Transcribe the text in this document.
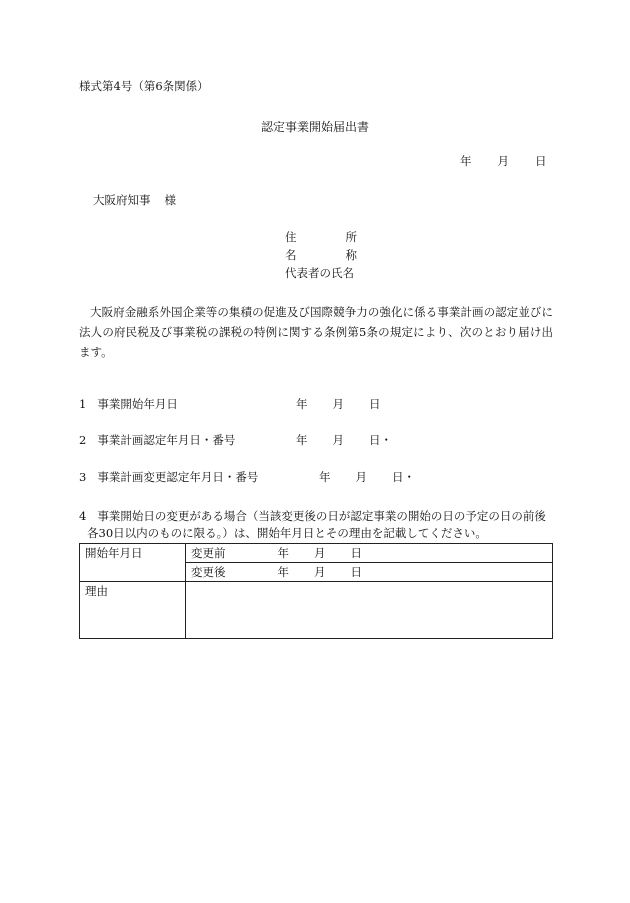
様式第4号（第6条関係）
認定事業開始届出書
年 月 日
大阪府知事 様
住	所
名	称
代表者の氏名
大阪府金融系外国企業等の集積の促進及び国際競争力の強化に係る事業計画の認定並びに法人の府民税及び事業税の課税の特例に関する条例第5条の規定により、次のとおり届け出ます。
1 事業開始年月日	年 月 日
2 事業計画認定年月日・番号	年 月 日・
3 事業計画変更認定年月日・番号	年 月 日・
4 事業開始日の変更がある場合（当該変更後の日が認定事業の開始の日の予定の日の前後
各30日以内のものに限る。）は、開始年月日とその理由を記載してください。
開始年月日	変更前 年 月 日
	変更後 年 月 日
理由	
